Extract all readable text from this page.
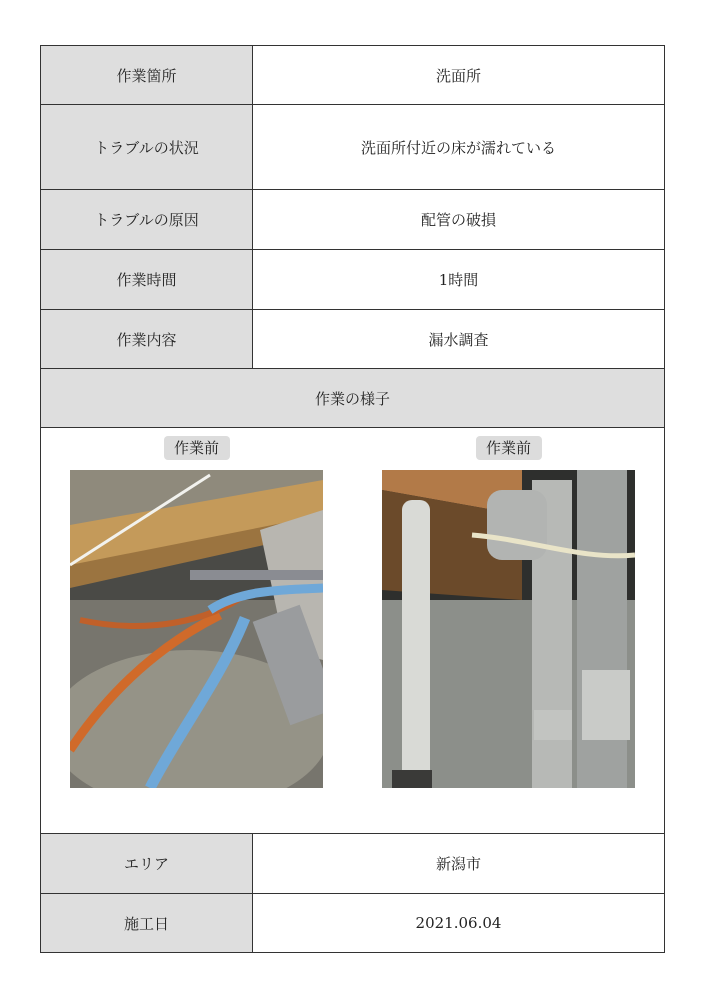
作業箇所	洗面所
トラブルの状況	洗面所付近の床が濡れている
トラブルの原因	配管の破損
作業時間	1時間
作業内容	漏水調査
作業の様子
作業前	作業前
エリア	新潟市
施工日	2021.06.04
